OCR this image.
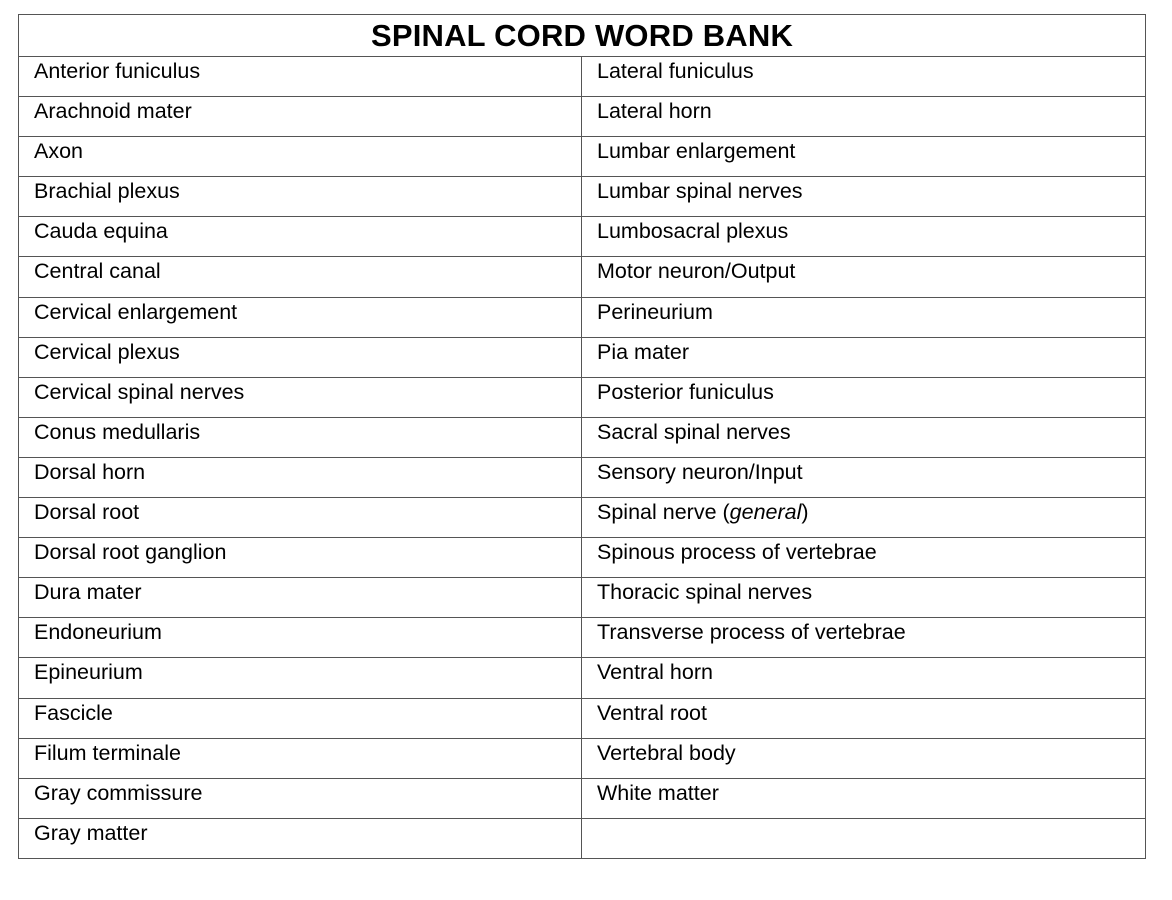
SPINAL CORD WORD BANK	
Anterior funiculus	Lateral funiculus
Arachnoid mater	Lateral horn
Axon	Lumbar enlargement
Brachial plexus	Lumbar spinal nerves
Cauda equina	Lumbosacral plexus
Central canal	Motor neuron/Output
Cervical enlargement	Perineurium
Cervical plexus	Pia mater
Cervical spinal nerves	Posterior funiculus
Conus medullaris	Sacral spinal nerves
Dorsal horn	Sensory neuron/Input
Dorsal root	Spinal nerve (general)
Dorsal root ganglion	Spinous process of vertebrae
Dura mater	Thoracic spinal nerves
Endoneurium	Transverse process of vertebrae
Epineurium	Ventral horn
Fascicle	Ventral root
Filum terminale	Vertebral body
Gray commissure	White matter
Gray matter	
